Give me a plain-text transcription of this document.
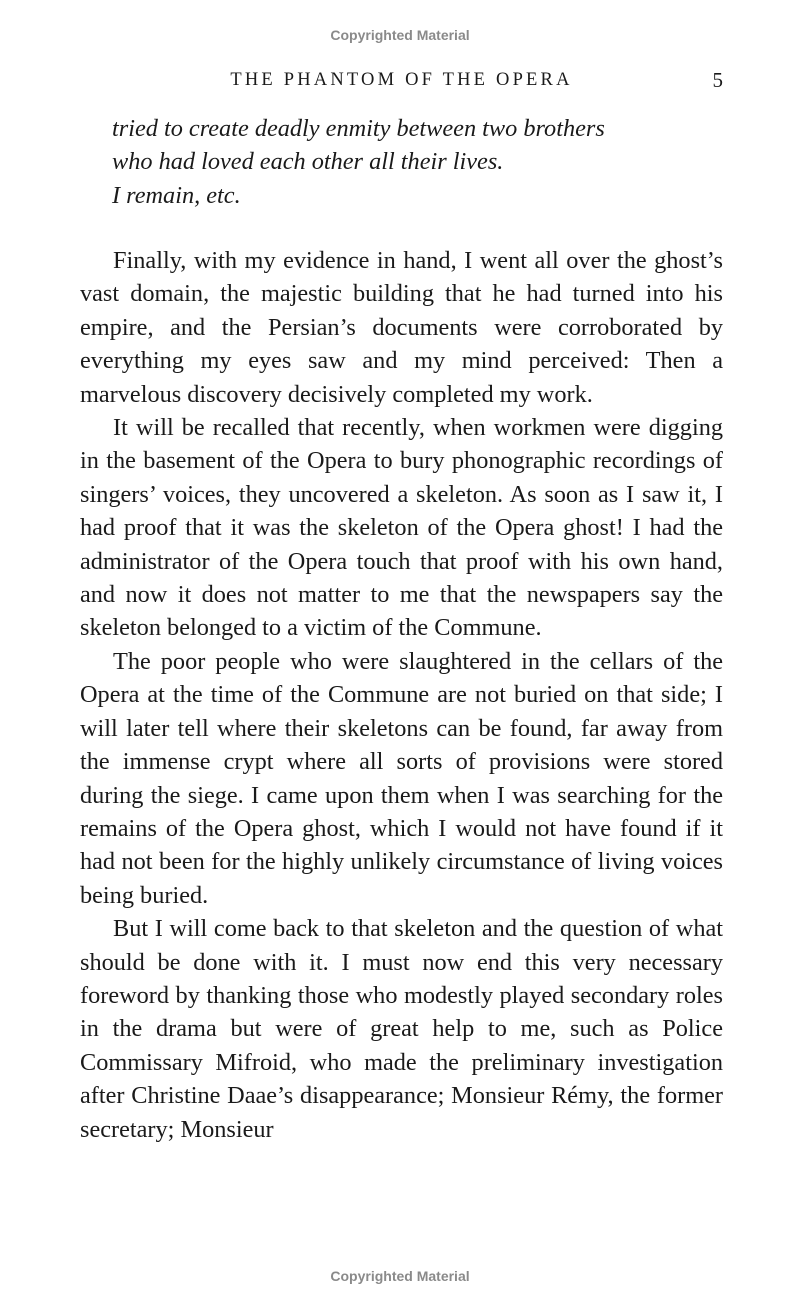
Copyrighted Material
THE PHANTOM OF THE OPERA	5
tried to create deadly enmity between two brothers
who had loved each other all their lives.
I remain, etc.

Finally, with my evidence in hand, I went all over the ghost’s vast domain, the majestic building that he had turned into his empire, and the Persian’s documents were corroborated by everything my eyes saw and my mind perceived: Then a marvelous discovery decisively completed my work.

It will be recalled that recently, when workmen were digging in the basement of the Opera to bury phonographic recordings of singers’ voices, they uncovered a skeleton. As soon as I saw it, I had proof that it was the skeleton of the Opera ghost! I had the administrator of the Opera touch that proof with his own hand, and now it does not matter to me that the newspapers say the skeleton belonged to a victim of the Commune.

The poor people who were slaughtered in the cellars of the Opera at the time of the Commune are not buried on that side; I will later tell where their skeletons can be found, far away from the immense crypt where all sorts of provisions were stored during the siege. I came upon them when I was searching for the remains of the Opera ghost, which I would not have found if it had not been for the highly unlikely circumstance of living voices being buried.

But I will come back to that skeleton and the question of what should be done with it. I must now end this very necessary foreword by thanking those who modestly played secondary roles in the drama but were of great help to me, such as Police Commissary Mifroid, who made the preliminary investigation after Christine Daae’s disappearance; Monsieur Rémy, the former secretary; Monsieur

Copyrighted Material
